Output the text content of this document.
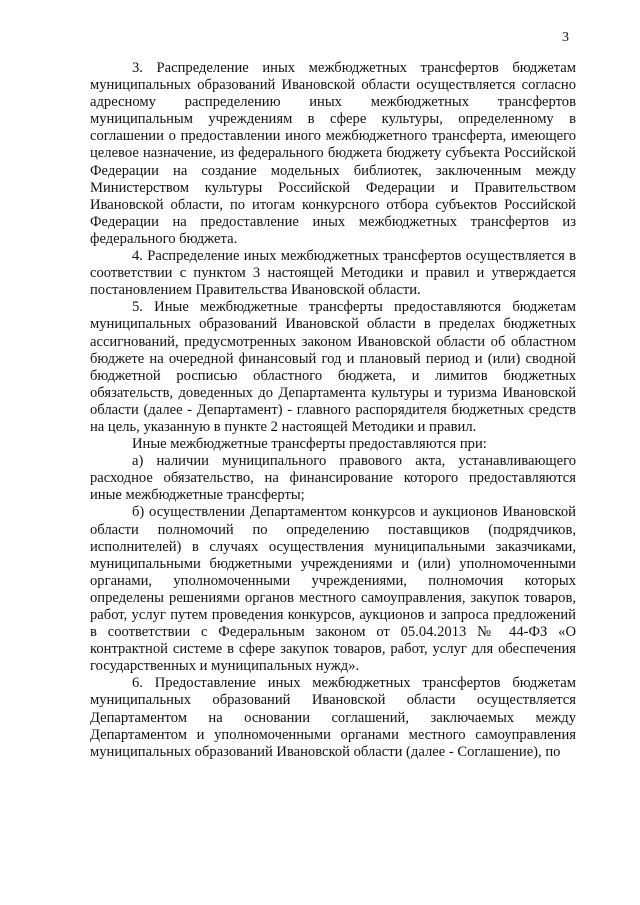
3

3. Распределение иных межбюджетных трансфертов бюджетам муниципальных образований Ивановской области осуществляется согласно адресному распределению иных межбюджетных трансфертов муниципальным учреждениям в сфере культуры, определенному в соглашении о предоставлении иного межбюджетного трансферта, имеющего целевое назначение, из федерального бюджета бюджету субъекта Российской Федерации на создание модельных библиотек, заключенным между Министерством культуры Российской Федерации и Правительством Ивановской области, по итогам конкурсного отбора субъектов Российской Федерации на предоставление иных межбюджетных трансфертов из федерального бюджета.

4. Распределение иных межбюджетных трансфертов осуществляется в соответствии с пунктом 3 настоящей Методики и правил и утверждается постановлением Правительства Ивановской области.

5. Иные межбюджетные трансферты предоставляются бюджетам муниципальных образований Ивановской области в пределах бюджетных ассигнований, предусмотренных законом Ивановской области об областном бюджете на очередной финансовый год и плановый период и (или) сводной бюджетной росписью областного бюджета, и лимитов бюджетных обязательств, доведенных до Департамента культуры и туризма Ивановской области (далее - Департамент) - главного распорядителя бюджетных средств на цель, указанную в пункте 2 настоящей Методики и правил.

Иные межбюджетные трансферты предоставляются при:

а) наличии муниципального правового акта, устанавливающего расходное обязательство, на финансирование которого предоставляются иные межбюджетные трансферты;

б) осуществлении Департаментом конкурсов и аукционов Ивановской области полномочий по определению поставщиков (подрядчиков, исполнителей) в случаях осуществления муниципальными заказчиками, муниципальными бюджетными учреждениями и (или) уполномоченными органами, уполномоченными учреждениями, полномочия которых определены решениями органов местного самоуправления, закупок товаров, работ, услуг путем проведения конкурсов, аукционов и запроса предложений в соответствии с Федеральным законом от 05.04.2013 № 44-ФЗ «О контрактной системе в сфере закупок товаров, работ, услуг для обеспечения государственных и муниципальных нужд».

6. Предоставление иных межбюджетных трансфертов бюджетам муниципальных образований Ивановской области осуществляется Департаментом на основании соглашений, заключаемых между Департаментом и уполномоченными органами местного самоуправления муниципальных образований Ивановской области (далее - Соглашение), по
